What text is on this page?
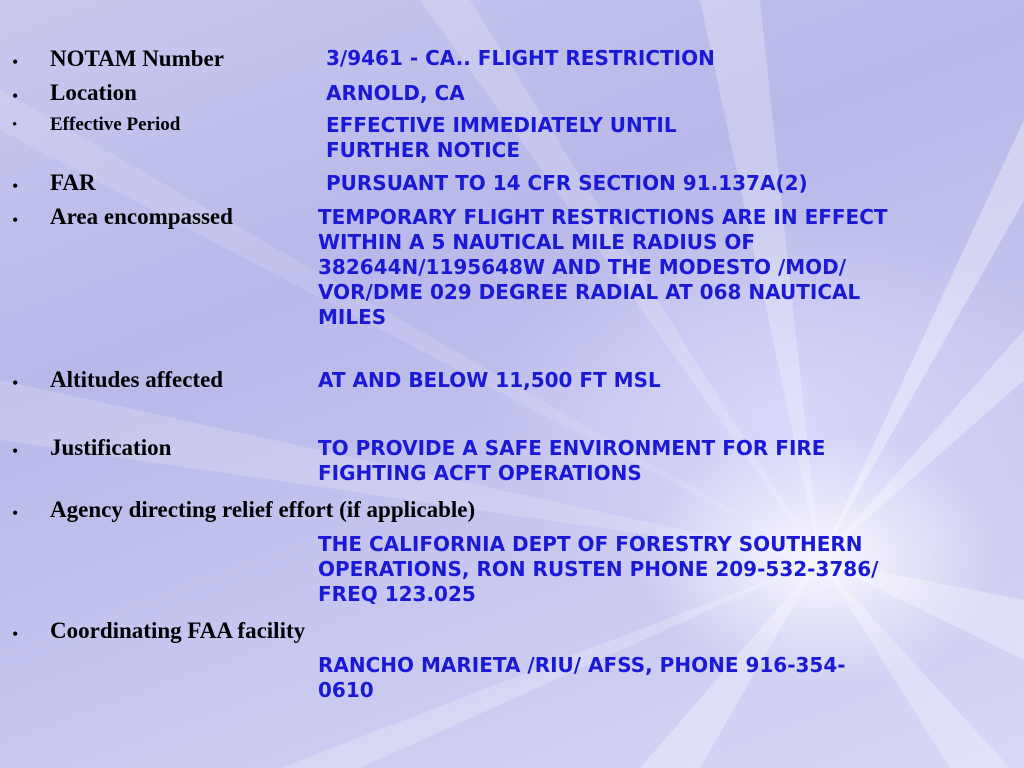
• NOTAM Number	3/9461 - CA.. FLIGHT RESTRICTION
• Location	ARNOLD, CA
• Effective Period	EFFECTIVE IMMEDIATELY UNTIL
FURTHER NOTICE
• FAR	PURSUANT TO 14 CFR SECTION 91.137A(2)
• Area encompassed	TEMPORARY FLIGHT RESTRICTIONS ARE IN EFFECT
WITHIN A 5 NAUTICAL MILE RADIUS OF
382644N/1195648W AND THE MODESTO /MOD/
VOR/DME 029 DEGREE RADIAL AT 068 NAUTICAL
MILES
• Altitudes affected	AT AND BELOW 11,500 FT MSL
• Justification	TO PROVIDE A SAFE ENVIRONMENT FOR FIRE
FIGHTING ACFT OPERATIONS
• Agency directing relief effort (if applicable)
THE CALIFORNIA DEPT OF FORESTRY SOUTHERN
OPERATIONS, RON RUSTEN PHONE 209-532-3786/
FREQ 123.025
• Coordinating FAA facility
RANCHO MARIETA /RIU/ AFSS, PHONE 916-354-
0610
